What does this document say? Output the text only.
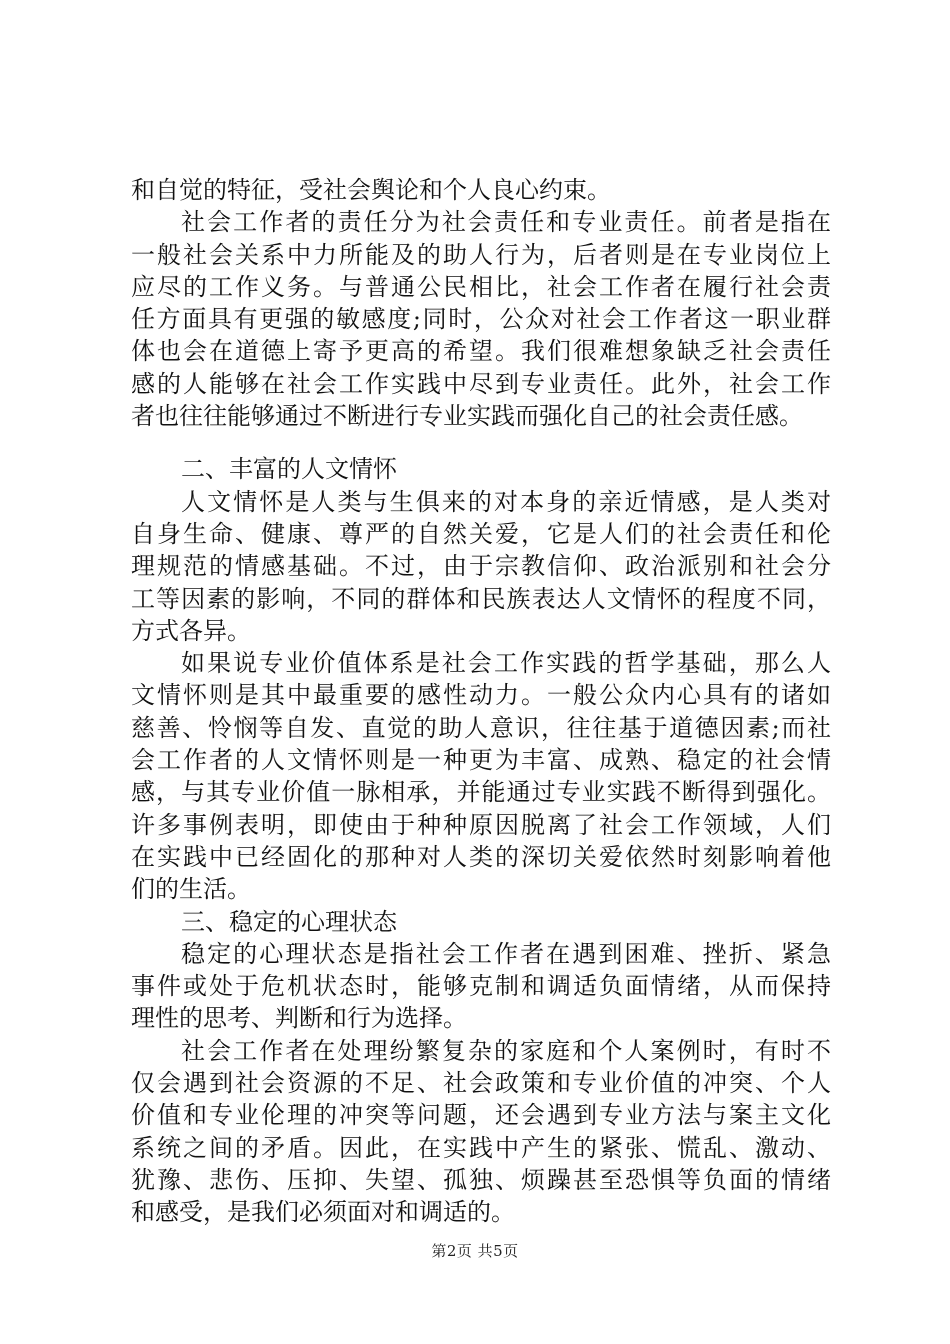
和自觉的特征，受社会舆论和个人良心约束。
社会工作者的责任分为社会责任和专业责任。前者是指在
一般社会关系中力所能及的助人行为，后者则是在专业岗位上
应尽的工作义务。与普通公民相比，社会工作者在履行社会责
任方面具有更强的敏感度;同时，公众对社会工作者这一职业群
体也会在道德上寄予更高的希望。我们很难想象缺乏社会责任
感的人能够在社会工作实践中尽到专业责任。此外，社会工作
者也往往能够通过不断进行专业实践而强化自己的社会责任感。
二、丰富的人文情怀
人文情怀是人类与生俱来的对本身的亲近情感，是人类对
自身生命、健康、尊严的自然关爱，它是人们的社会责任和伦
理规范的情感基础。不过，由于宗教信仰、政治派别和社会分
工等因素的影响，不同的群体和民族表达人文情怀的程度不同，
方式各异。
如果说专业价值体系是社会工作实践的哲学基础，那么人
文情怀则是其中最重要的感性动力。一般公众内心具有的诸如
慈善、怜悯等自发、直觉的助人意识，往往基于道德因素;而社
会工作者的人文情怀则是一种更为丰富、成熟、稳定的社会情
感，与其专业价值一脉相承，并能通过专业实践不断得到强化。
许多事例表明，即使由于种种原因脱离了社会工作领域，人们
在实践中已经固化的那种对人类的深切关爱依然时刻影响着他
们的生活。
三、稳定的心理状态
稳定的心理状态是指社会工作者在遇到困难、挫折、紧急
事件或处于危机状态时，能够克制和调适负面情绪，从而保持
理性的思考、判断和行为选择。
社会工作者在处理纷繁复杂的家庭和个人案例时，有时不
仅会遇到社会资源的不足、社会政策和专业价值的冲突、个人
价值和专业伦理的冲突等问题，还会遇到专业方法与案主文化
系统之间的矛盾。因此，在实践中产生的紧张、慌乱、激动、
犹豫、悲伤、压抑、失望、孤独、烦躁甚至恐惧等负面的情绪
和感受，是我们必须面对和调适的。
第2页 共5页
